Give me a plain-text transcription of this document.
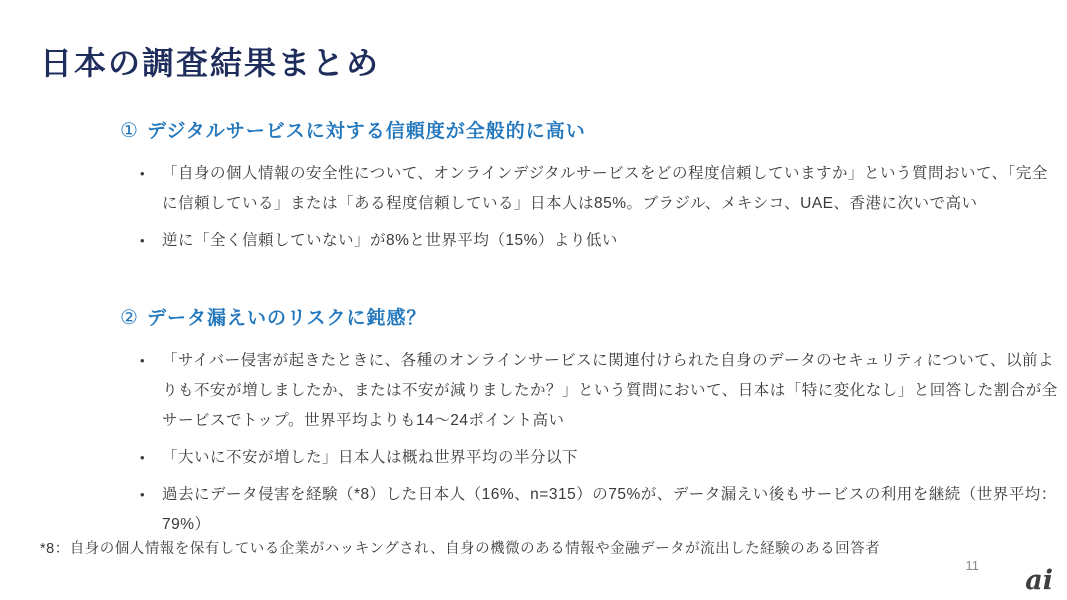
日本の調査結果まとめ
① デジタルサービスに対する信頼度が全般的に高い
•	「自身の個人情報の安全性について、オンラインデジタルサービスをどの程度信頼していますか」という質問おいて、「完全に信頼している」または「ある程度信頼している」日本人は85%。ブラジル、メキシコ、UAE、香港に次いで高い
•	逆に「全く信頼していない」が8%と世界平均（15%）より低い
② データ漏えいのリスクに鈍感？
•	「サイバー侵害が起きたときに、各種のオンラインサービスに関連付けられた自身のデータのセキュリティについて、以前よりも不安が増しましたか、または不安が減りましたか？」という質問において、日本は「特に変化なし」と回答した割合が全サービスでトップ。世界平均よりも14〜24ポイント高い
•	「大いに不安が増した」日本人は概ね世界平均の半分以下
•	過去にデータ侵害を経験（*8）した日本人（16%、n=315）の75%が、データ漏えい後もサービスの利用を継続（世界平均：79%）
*8：自身の個人情報を保有している企業がハッキングされ、自身の機微のある情報や金融データが流出した経験のある回答者
11 ai
